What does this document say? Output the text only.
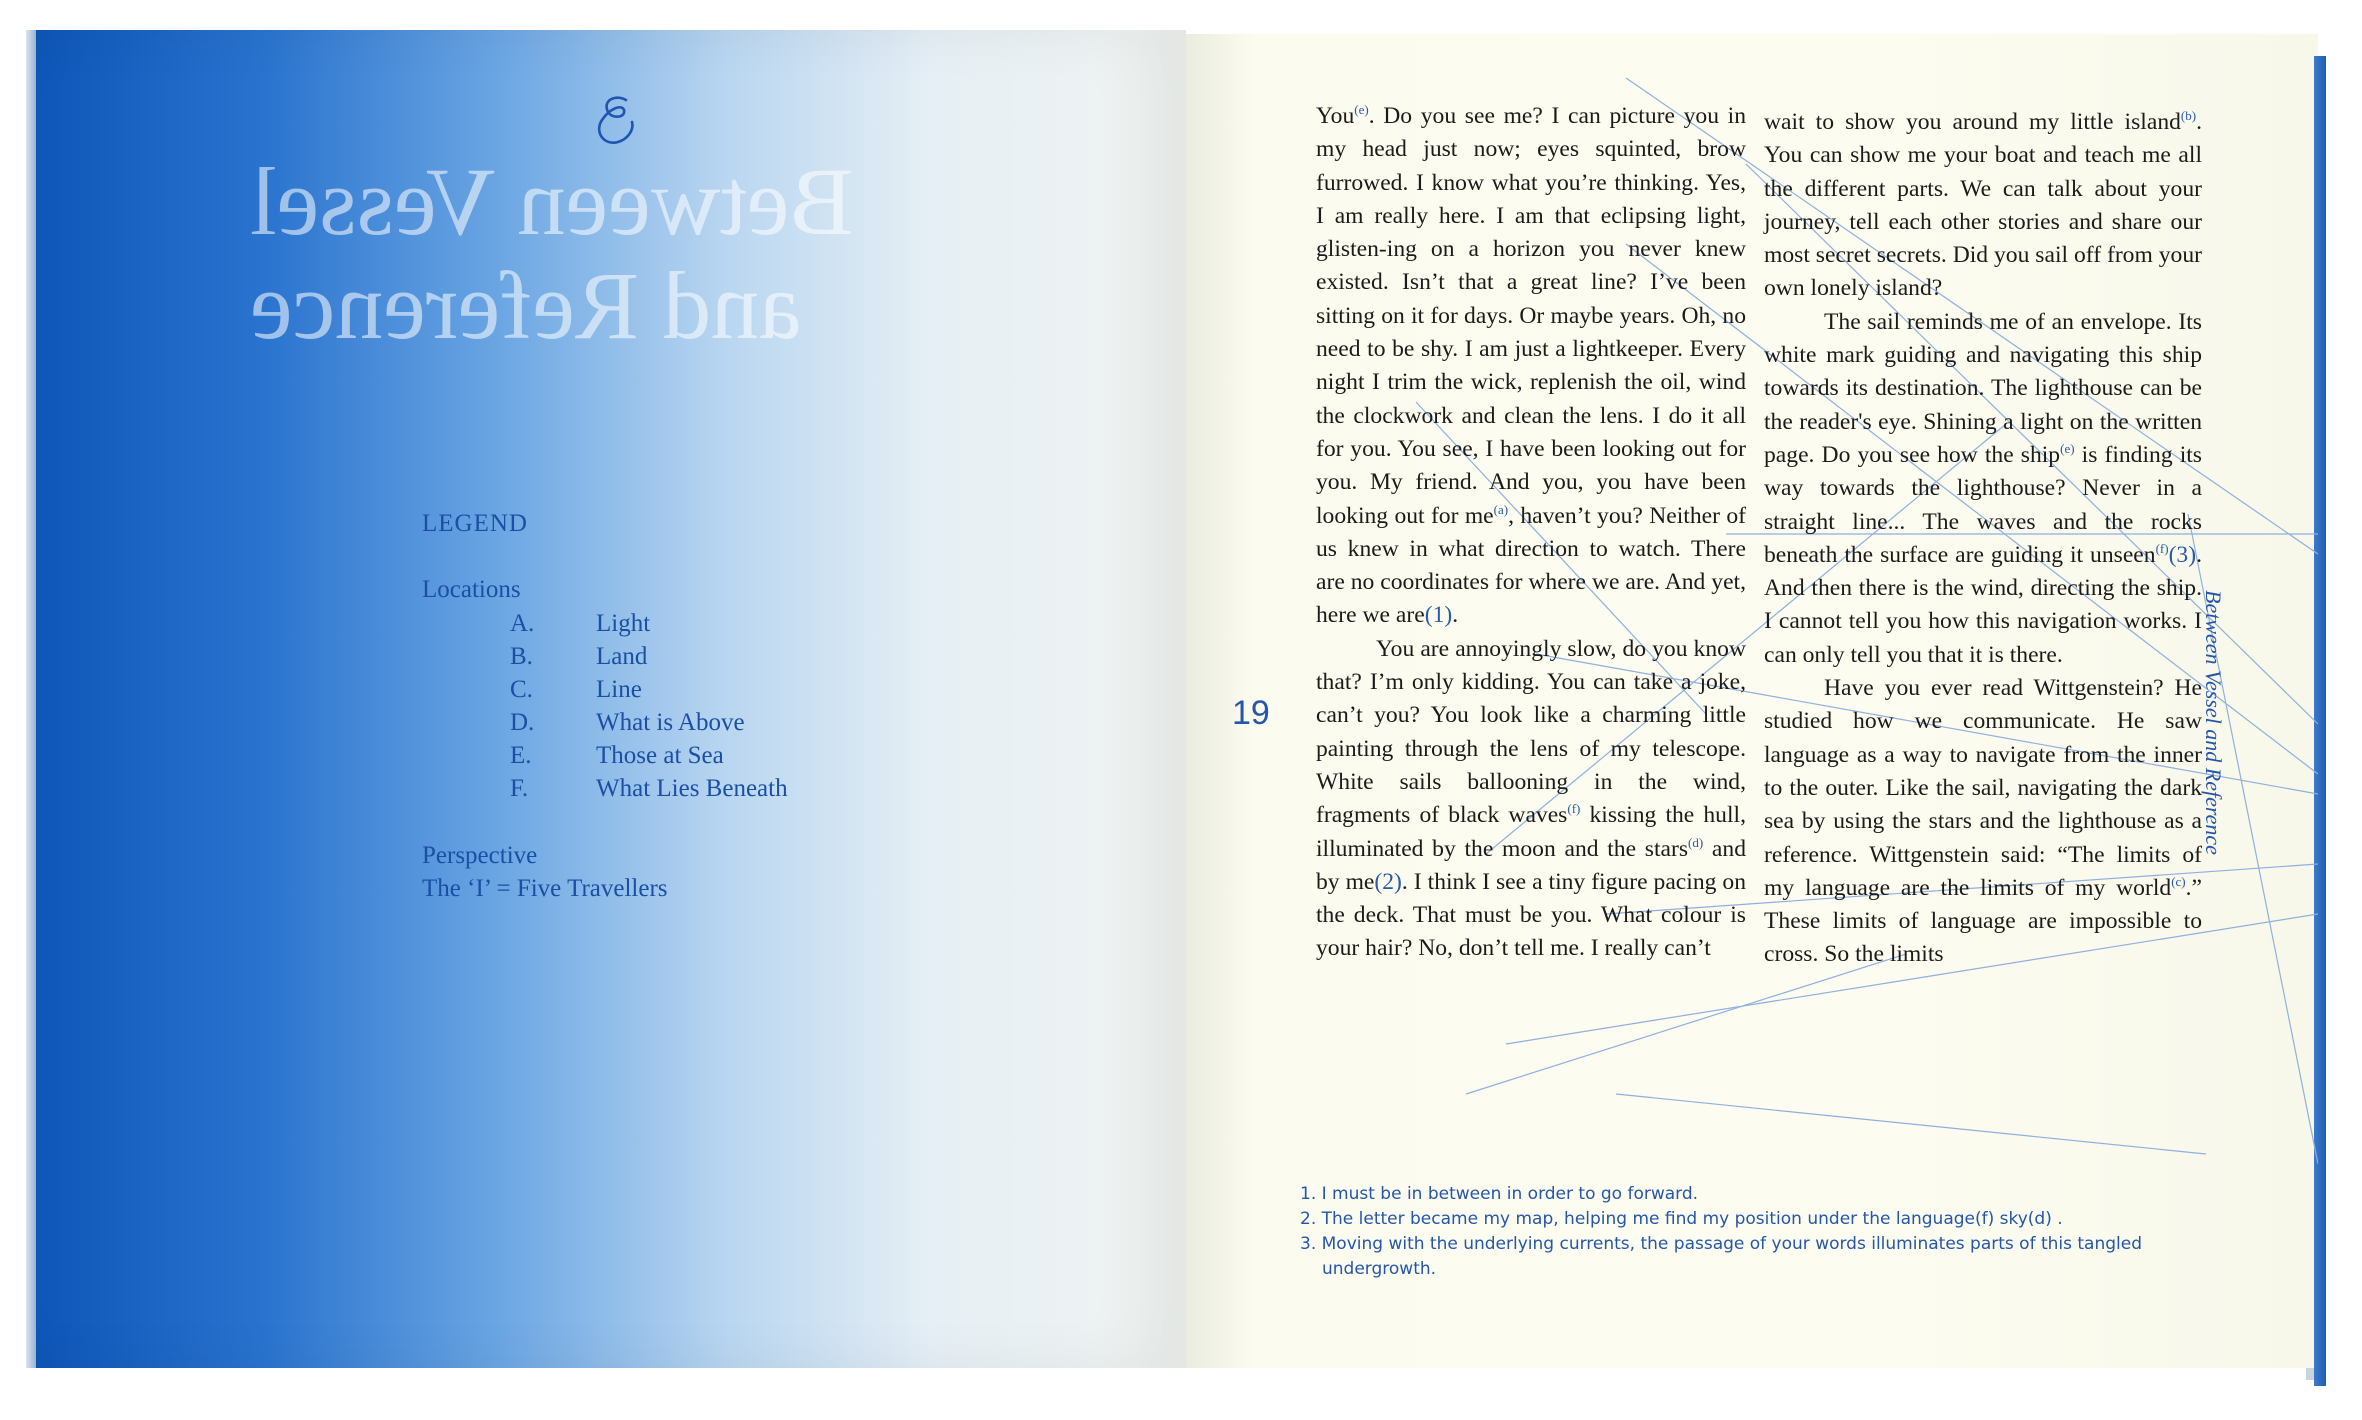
Between Vessel
and Reference
LEGEND
Locations
A. Light
B.	Land
C.	Line
D. What is Above
E.	Those at Sea
F.	What Lies Beneath
Perspective
The ‘I’ = Five Travellers
19

You$^{(e)}$. Do you see me? I can picture you in my head just now; eyes squinted, brow furrowed. I know what you’re thinking. Yes, I am really here. I am that eclipsing light, glisten-ing on a horizon you never knew existed. Isn’t that a great line? I’ve been sitting on it for days. Or maybe years. Oh, no need to be shy. I am just a lightkeeper. Every night I trim the wick, replenish the oil, wind the clockwork and clean the lens. I do it all for you. You see, I have been looking out for you. My friend. And you, you have been looking out for $me^{(a)}$, haven’t you? Neither of us knew in what direction to watch. There are no coordinates for where we are. And yet, here we are(1).

You are annoyingly slow, do you know that? I’m only kidding. You can take a joke, can’t you? You look like a charming little painting through the lens of my telescope. White sails ballooning in the wind, fragments of black waves$^{(f)}$ kissing the hull, illuminated by the moon and the stars$^{(d)}$ and by me(2). I think I see a tiny figure pacing on the deck. That must be you. What colour is your hair? No, don’t tell me. I really can’t

wait to show you around my little island$^{(b)}$. You can show me your boat and teach me all the different parts. We can talk about your journey, tell each other stories and share our most secret secrets. Did you sail off from your own lonely island?

The sail reminds me of an envelope. Its white mark guiding and navigating this ship towards its destination. The lighthouse can be the reader's eye. Shining a light on the written page. Do you see how the ship$^{(e)}$ is finding its way towards the lighthouse? Never in a straight line... The waves and the rocks beneath the surface are guiding it unseen$^{(f)}$(3). And then there is the wind, directing the ship. I cannot tell you how this navigation works. I can only tell you that it is there.

Have you ever read Wittgenstein? He studied how we communicate. He saw language as a way to navigate from the inner to the outer. Like the sail, navigating the dark sea by using the stars and the lighthouse as a reference. Wittgenstein said: “The limits of my language are the limits of my world$^{(c)}$.” These limits of language are impossible to cross. So the limits

Between Vessel and Reference
1. I must be in between in order to go forward.
2. The letter became my map, helping me find my position under the language(f) sky(d) .
3. Moving with the underlying currents, the passage of your words illuminates parts of this tangled
undergrowth.
